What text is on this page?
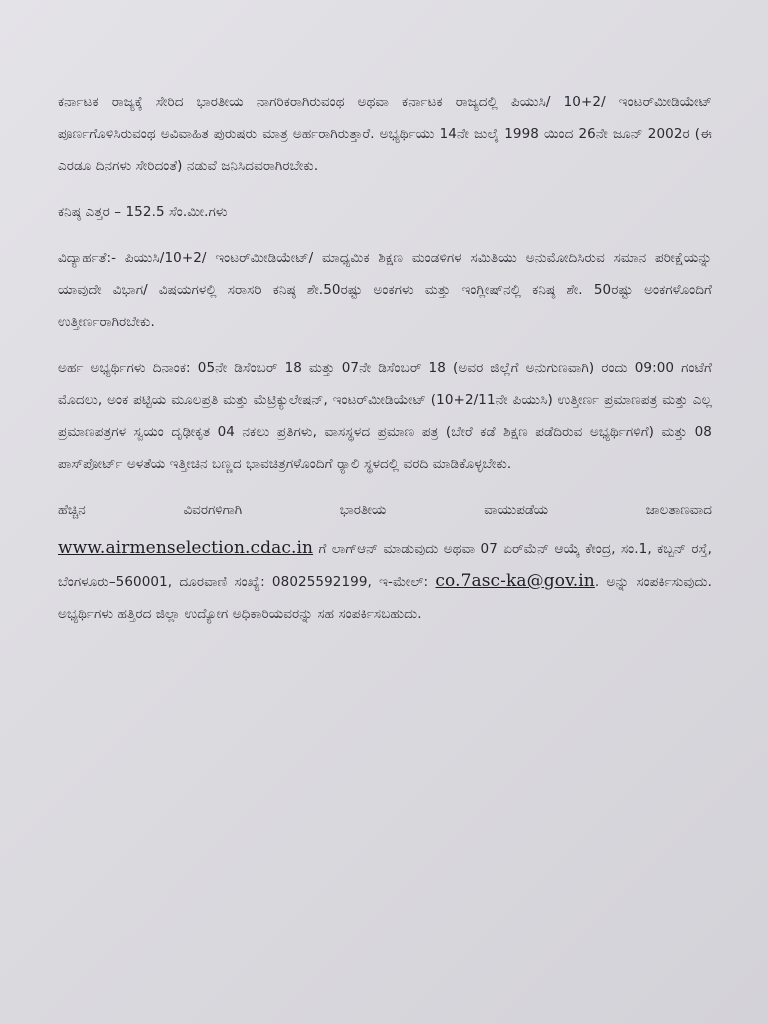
ಕರ್ನಾಟಕ ರಾಜ್ಯಕ್ಕೆ ಸೇರಿದ ಭಾರತೀಯ ನಾಗರಿಕರಾಗಿರುವಂಥ ಅಥವಾ ಕರ್ನಾಟಕ ರಾಜ್ಯದಲ್ಲಿ ಪಿಯುಸಿ/ 10+2/ ಇಂಟರ್‌ಮೀಡಿಯೇಟ್ ಪೂರ್ಣಗೊಳಿಸಿರುವಂಥ ಅವಿವಾಹಿತ ಪುರುಷರು ಮಾತ್ರ ಅರ್ಹರಾಗಿರುತ್ತಾರೆ. ಅಭ್ಯರ್ಥಿಯು 14ನೇ ಜುಲೈ 1998 ಯಿಂದ 26ನೇ ಜೂನ್ 2002ರ (ಈ ಎರಡೂ ದಿನಗಳು ಸೇರಿದಂತೆ) ನಡುವೆ ಜನಿಸಿದವರಾಗಿರಬೇಕು.

ಕನಿಷ್ಠ ಎತ್ತರ – 152.5 ಸೆಂ.ಮೀ.ಗಳು

ವಿದ್ಯಾರ್ಹತೆ:- ಪಿಯುಸಿ/10+2/ ಇಂಟರ್‌ಮೀಡಿಯೇಟ್/ ಮಾಧ್ಯಮಿಕ ಶಿಕ್ಷಣ ಮಂಡಳಿಗಳ ಸಮಿತಿಯು ಅನುಮೋದಿಸಿರುವ ಸಮಾನ ಪರೀಕ್ಷೆಯನ್ನು ಯಾವುದೇ ವಿಭಾಗ/ ವಿಷಯಗಳಲ್ಲಿ ಸರಾಸರಿ ಕನಿಷ್ಠ ಶೇ.50ರಷ್ಟು ಅಂಕಗಳು ಮತ್ತು ಇಂಗ್ಲೀಷ್‌ನಲ್ಲಿ ಕನಿಷ್ಠ ಶೇ. 50ರಷ್ಟು ಅಂಕಗಳೊಂದಿಗೆ ಉತ್ತೀರ್ಣರಾಗಿರಬೇಕು.

ಅರ್ಹ ಅಭ್ಯರ್ಥಿಗಳು ದಿನಾಂಕ: 05ನೇ ಡಿಸೆಂಬರ್ 18 ಮತ್ತು 07ನೇ ಡಿಸೆಂಬರ್ 18 (ಅವರ ಜಿಲ್ಲೆಗೆ ಅನುಗುಣವಾಗಿ) ರಂದು 09:00 ಗಂಟೆಗೆ ಮೊದಲು, ಅಂಕ ಪಟ್ಟಿಯ ಮೂಲಪ್ರತಿ ಮತ್ತು ಮೆಟ್ರಿಕ್ಯುಲೇಷನ್, ಇಂಟರ್‌ಮೀಡಿಯೇಟ್ (10+2/11ನೇ ಪಿಯುಸಿ) ಉತ್ತೀರ್ಣ ಪ್ರಮಾಣಪತ್ರ ಮತ್ತು ಎಲ್ಲ ಪ್ರಮಾಣಪತ್ರಗಳ ಸ್ವಯಂ ದೃಢೀಕೃತ 04 ನಕಲು ಪ್ರತಿಗಳು, ವಾಸಸ್ಥಳದ ಪ್ರಮಾಣ ಪತ್ರ (ಬೇರೆ ಕಡೆ ಶಿಕ್ಷಣ ಪಡೆದಿರುವ ಅಭ್ಯರ್ಥಿಗಳಿಗೆ) ಮತ್ತು 08 ಪಾಸ್‌ಪೋರ್ಟ್ ಅಳತೆಯ ಇತ್ತೀಚಿನ ಬಣ್ಣದ ಭಾವಚಿತ್ರಗಳೊಂದಿಗೆ ರ‍್ಯಾಲಿ ಸ್ಥಳದಲ್ಲಿ ವರದಿ ಮಾಡಿಕೊಳ್ಳಬೇಕು.

ಹೆಚ್ಚಿನ	ವಿವರಗಳಿಗಾಗಿ	ಭಾರತೀಯ	ವಾಯುಪಡೆಯ	ಜಾಲತಾಣವಾದ

www.airmenselection.cdac.in ಗೆ ಲಾಗ್‌ಆನ್ ಮಾಡುವುದು ಅಥವಾ 07 ಏರ್‌ಮೆನ್ ಆಯ್ಕೆ ಕೇಂದ್ರ, ಸಂ.1, ಕಬ್ಬನ್ ರಸ್ತೆ, ಬೆಂಗಳೂರು–560001, ದೂರವಾಣಿ ಸಂಖ್ಯೆ: 08025592199, ಇ-ಮೇಲ್: co.7asc-ka@gov.in. ಅನ್ನು ಸಂಪರ್ಕಿಸುವುದು. ಅಭ್ಯರ್ಥಿಗಳು ಹತ್ತಿರದ ಜಿಲ್ಲಾ ಉದ್ಯೋಗ ಅಧಿಕಾರಿಯವರನ್ನು ಸಹ ಸಂಪರ್ಕಿಸಬಹುದು.
